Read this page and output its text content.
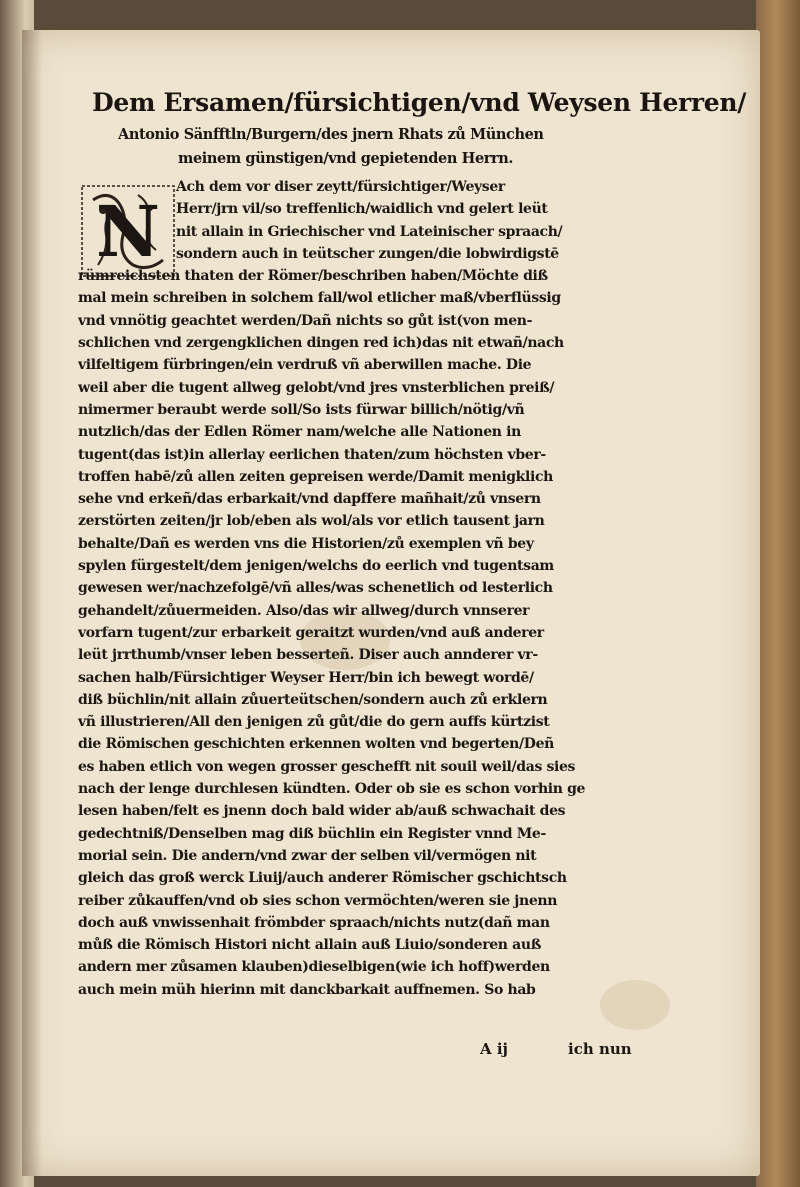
Dem Ersamen/fürsichtigen/vnd Weysen Herren/
Antonio Sänfftln/Burgern/des jnern Rhats zů München
meinem günstigen/vnd gepietenden Herrn.
N
Ach dem vor diser zeytt/fürsichtiger/Weyser
Herr/jrn vil/so treffenlich/waidlich vnd gelert leüt
nit allain in Griechischer vnd Lateinischer spraach/
sondern auch in teütscher zungen/die lobwirdigstē
rümreichsten thaten der Römer/beschriben haben/Möchte diß
mal mein schreiben in solchem fall/wol etlicher maß/vberflüssig
vnd vnnötig geachtet werden/Dañ nichts so gůt ist(von men-
schlichen vnd zergengklichen dingen red ich)das nit etwañ/nach
vilfeltigem fürbringen/ein verdruß vñ aberwillen mache. Die
weil aber die tugent allweg gelobt/vnd jres vnsterblichen preiß/
nimermer beraubt werde soll/So ists fürwar billich/nötig/vñ
nutzlich/das der Edlen Römer nam/welche alle Nationen in
tugent(das ist)in allerlay eerlichen thaten/zum höchsten vber-
troffen habē/zů allen zeiten gepreisen werde/Damit menigklich
sehe vnd erkeñ/das erbarkait/vnd dapffere mañhait/zů vnsern
zerstörten zeiten/jr lob/eben als wol/als vor etlich tausent jarn
behalte/Dañ es werden vns die Historien/zů exemplen vñ bey
spylen fürgestelt/dem jenigen/welchs do eerlich vnd tugentsam
gewesen wer/nachzefolgē/vñ alles/was schenetlich od lesterlich
gehandelt/zůuermeiden. Also/das wir allweg/durch vnnserer
vorfarn tugent/zur erbarkeit geraitzt wurden/vnd auß anderer
leüt jrrthumb/vnser leben besserteñ. Diser auch annderer vr-
sachen halb/Fürsichtiger Weyser Herr/bin ich bewegt wordē/
diß büchlin/nit allain zůuerteütschen/sondern auch zů erklern
vñ illustrieren/All den jenigen zů gůt/die do gern auffs kürtzist
die Römischen geschichten erkennen wolten vnd begerten/Deñ
es haben etlich von wegen grosser geschefft nit souil weil/das sies
nach der lenge durchlesen kündten. Oder ob sie es schon vorhin ge
lesen haben/felt es jnenn doch bald wider ab/auß schwachait des
gedechtniß/Denselben mag diß büchlin ein Register vnnd Me-
morial sein. Die andern/vnd zwar der selben vil/vermögen nit
gleich das groß werck Liuij/auch anderer Römischer gschichtsch
reiber zůkauffen/vnd ob sies schon vermöchten/weren sie jnenn
doch auß vnwissenhait frömbder spraach/nichts nutz(dañ man
můß die Römisch Histori nicht allain auß Liuio/sonderen auß
andern mer zůsamen klauben)dieselbigen(wie ich hoff)werden
auch mein müh hierinn mit danckbarkait auffnemen. So hab
A ij	ich nun
